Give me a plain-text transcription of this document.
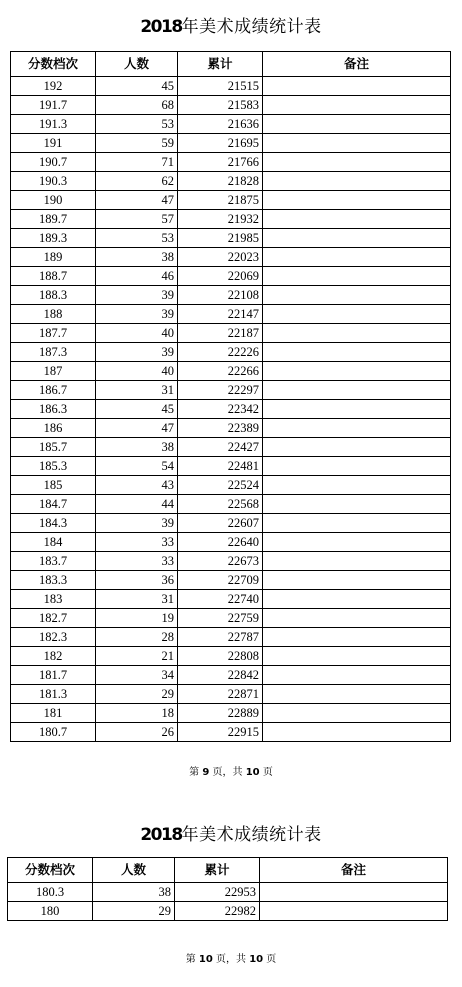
2018年美术成绩统计表
分数档次	人数	累计	备注
192	45	21515	
191.7	68	21583	
191.3	53	21636	
191	59	21695	
190.7	71	21766	
190.3	62	21828	
190	47	21875	
189.7	57	21932	
189.3	53	21985	
189	38	22023	
188.7	46	22069	
188.3	39	22108	
188	39	22147	
187.7	40	22187	
187.3	39	22226	
187	40	22266	
186.7	31	22297	
186.3	45	22342	
186	47	22389	
185.7	38	22427	
185.3	54	22481	
185	43	22524	
184.7	44	22568	
184.3	39	22607	
184	33	22640	
183.7	33	22673	
183.3	36	22709	
183	31	22740	
182.7	19	22759	
182.3	28	22787	
182	21	22808	
181.7	34	22842	
181.3	29	22871	
181	18	22889	
180.7	26	22915	
第 9 页，共 10 页
2018年美术成绩统计表
分数档次	人数	累计	备注
180.3	38	22953	
180	29	22982	
第 10 页，共 10 页
